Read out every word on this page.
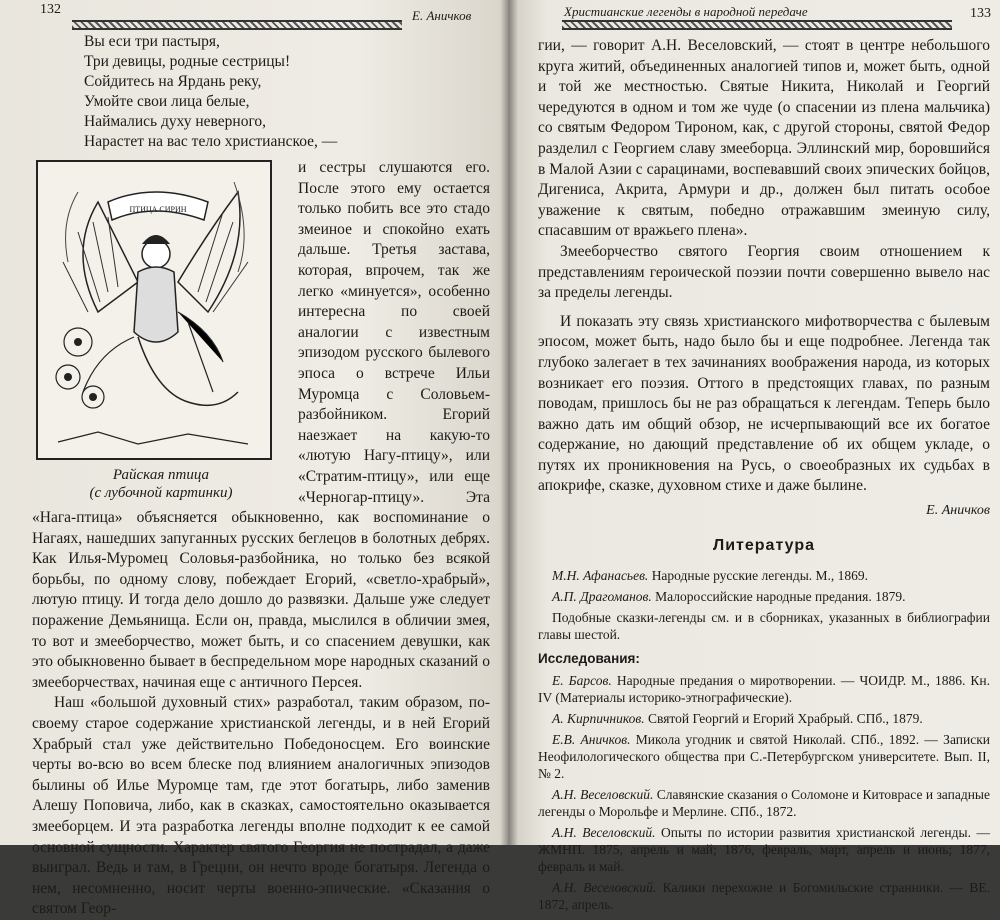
132	Е. Аничков
Вы еси три пастыря,
Три девицы, родные сестрицы!
Сойдитесь на Ярдань реку,
Умойте свои лица белые,
Наймались духу неверного,
Нарастет на вас тело христианское, —
ПТИЦА СИРИН
Райская птица
(с лубочной картинки)

и сестры слушаются его. После этого ему остается только побить все это стадо змеиное и спокойно ехать дальше. Третья застава, которая, впрочем, так же легко «минуется», особенно интересна по своей аналогии с известным эпизодом русского былевого эпоса о встрече Ильи Муромца с Соловьем-разбойником. Егорий наезжает на какую-то «лютую Нагу-птицу», или «Стратим-птицу», или еще «Черногар-птицу». Эта «Нага-птица» объясняется обыкновенно, как воспоминание о Нагаях, нашедших запуганных русских беглецов в болотных дебрях. Как Илья-Муромец Соловья-разбойника, но только без всякой борьбы, по одному слову, побеждает Егорий, «светло-храбрый», лютую птицу. И тогда дело дошло до развязки. Дальше уже следует поражение Демьянища. Если он, правда, мыслился в обличии змея, то вот и змееборчество, может быть, и со спасением девушки, как это обыкновенно бывает в беспредельном море народных сказаний о змееборчествах, начиная еще с античного Персея.

Наш «большой духовный стих» разработал, таким образом, по-своему старое содержание христианской легенды, и в ней Егорий Храбрый стал уже действительно Победоносцем. Его воинские черты во-всю во всем блеске под влиянием аналогичных эпизодов былины об Илье Муромце там, где этот богатырь, либо заменив Алешу Поповича, либо, как в сказках, самостоятельно оказывается змееборцем. И эта разработка легенды вполне подходит к ее самой основной сущности. Характер святого Георгия не пострадал, а даже выиграл. Ведь и там, в Греции, он нечто вроде богатыря. Легенда о нем, несомненно, носит черты военно-эпические. «Сказания о святом Геор-

Христианские легенды в народной передаче	133

гии, — говорит А.Н. Веселовский, — стоят в центре небольшого круга житий, объединенных аналогией типов и, может быть, одной и той же местностью. Святые Никита, Николай и Георгий чередуются в одном и том же чуде (о спасении из плена мальчика) со святым Федором Тироном, как, с другой стороны, святой Федор разделил с Георгием славу змееборца. Эллинский мир, боровшийся в Малой Азии с сарацинами, воспевавший своих эпических бойцов, Дигениса, Акрита, Армури и др., должен был питать особое уважение к святым, победно отражавшим змеиную силу, спасавшим от вражьего плена».

Змееборчество святого Георгия своим отношением к представлениям героической поэзии почти совершенно вывело нас за пределы легенды.

И показать эту связь христианского мифотворчества с былевым эпосом, может быть, надо было бы и еще подробнее. Легенда так глубоко залегает в тех зачинаниях воображения народа, из которых возникает его поэзия. Оттого в предстоящих главах, по разным поводам, пришлось бы не раз обращаться к легендам. Теперь было важно дать им общий обзор, не исчерпывающий все их богатое содержание, но дающий представление об их общем укладе, о путях их проникновения на Русь, о своеобразных их судьбах в апокрифе, сказке, духовном стихе и даже былине.

Е. Аничков
Литература

М.Н. Афанасьев. Народные русские легенды. М., 1869.

А.П. Драгоманов. Малороссийские народные предания. 1879.

Подобные сказки-легенды см. и в сборниках, указанных в библиографии главы шестой.

Исследования:

Е. Барсов. Народные предания о миротворении. — ЧОИДР. М., 1886. Кн. IV (Материалы историко-этнографические).

А. Кирпичников. Святой Георгий и Егорий Храбрый. СПб., 1879.

Е.В. Аничков. Микола угодник и святой Николай. СПб., 1892. — Записки Неофилологического общества при С.-Петербургском университете. Вып. II, № 2.

А.Н. Веселовский. Славянские сказания о Соломоне и Китоврасе и западные легенды о Морольфе и Мерлине. СПб., 1872.

А.Н. Веселовский. Опыты по истории развития христианской легенды. — ЖМНП. 1875, апрель и май; 1876, февраль, март, апрель и июнь; 1877, февраль и май.

А.Н. Веселовский. Калики перехожие и Богомильские странники. — ВЕ. 1872, апрель.
